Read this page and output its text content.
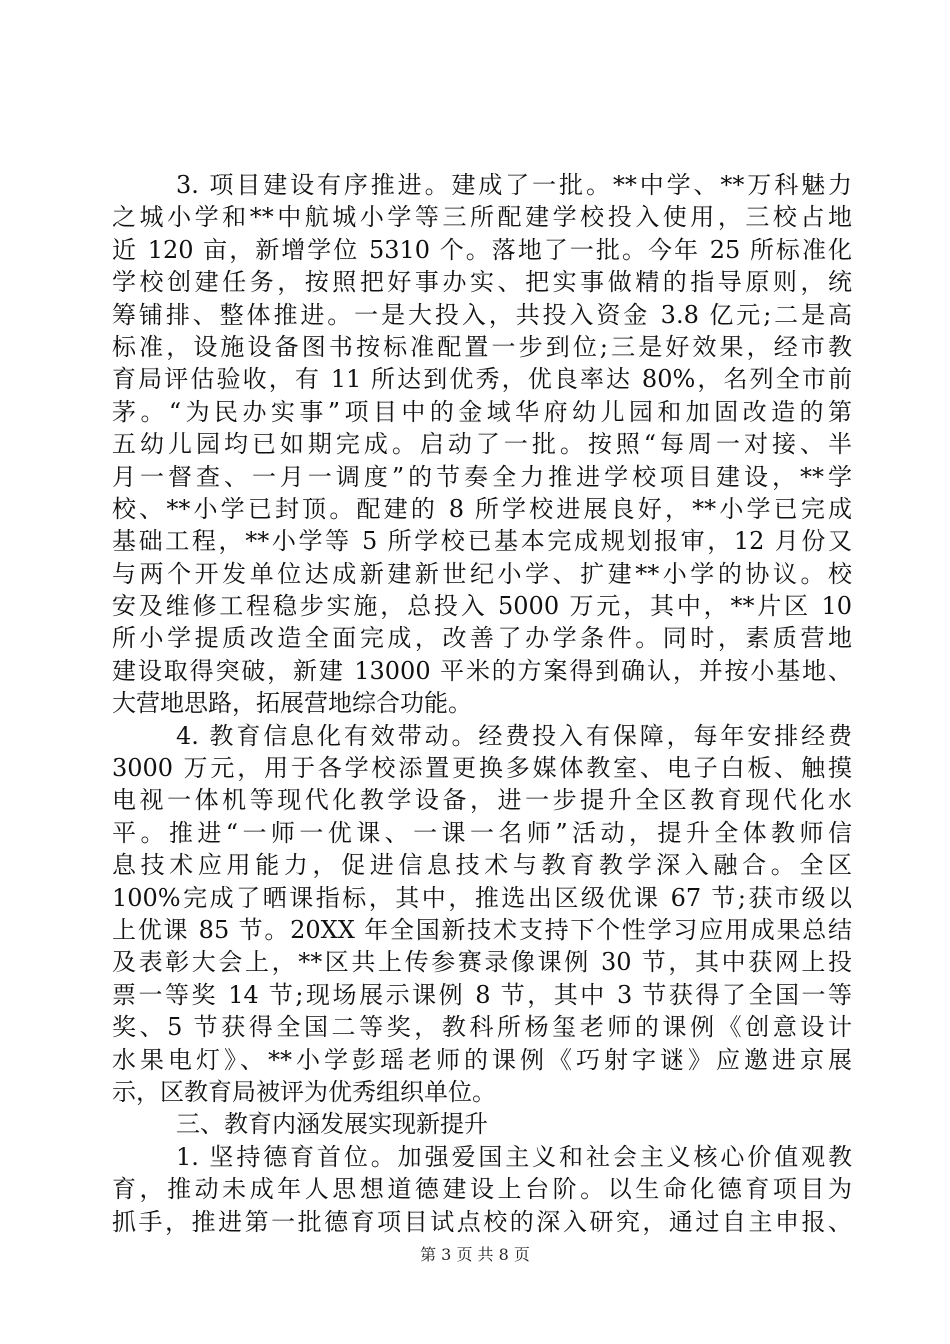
3. 项目建设有序推进。建成了一批。**中学、**万科魅力
之城小学和**中航城小学等三所配建学校投入使用，三校占地
近 120 亩，新增学位 5310 个。落地了一批。今年 25 所标准化
学校创建任务，按照把好事办实、把实事做精的指导原则，统
筹铺排、整体推进。一是大投入，共投入资金 3.8 亿元;二是高
标准，设施设备图书按标准配置一步到位;三是好效果，经市教
育局评估验收，有 11 所达到优秀，优良率达 80%，名列全市前
茅。“为民办实事”项目中的金域华府幼儿园和加固改造的第
五幼儿园均已如期完成。启动了一批。按照“每周一对接、半
月一督查、一月一调度”的节奏全力推进学校项目建设，**学
校、**小学已封顶。配建的 8 所学校进展良好，**小学已完成
基础工程，**小学等 5 所学校已基本完成规划报审，12 月份又
与两个开发单位达成新建新世纪小学、扩建**小学的协议。校
安及维修工程稳步实施，总投入 5000 万元，其中，**片区 10
所小学提质改造全面完成，改善了办学条件。同时，素质营地
建设取得突破，新建 13000 平米的方案得到确认，并按小基地、
大营地思路，拓展营地综合功能。
4. 教育信息化有效带动。经费投入有保障，每年安排经费
3000 万元，用于各学校添置更换多媒体教室、电子白板、触摸
电视一体机等现代化教学设备，进一步提升全区教育现代化水
平。推进“一师一优课、一课一名师”活动，提升全体教师信
息技术应用能力，促进信息技术与教育教学深入融合。全区
100%完成了晒课指标，其中，推选出区级优课 67 节;获市级以
上优课 85 节。20XX 年全国新技术支持下个性学习应用成果总结
及表彰大会上，**区共上传参赛录像课例 30 节，其中获网上投
票一等奖 14 节;现场展示课例 8 节，其中 3 节获得了全国一等
奖、5 节获得全国二等奖，教科所杨玺老师的课例《创意设计
水果电灯》、**小学彭瑶老师的课例《巧射字谜》应邀进京展
示，区教育局被评为优秀组织单位。
三、教育内涵发展实现新提升
1. 坚持德育首位。加强爱国主义和社会主义核心价值观教
育，推动未成年人思想道德建设上台阶。以生命化德育项目为
抓手，推进第一批德育项目试点校的深入研究，通过自主申报、
第 3 页 共 8 页
